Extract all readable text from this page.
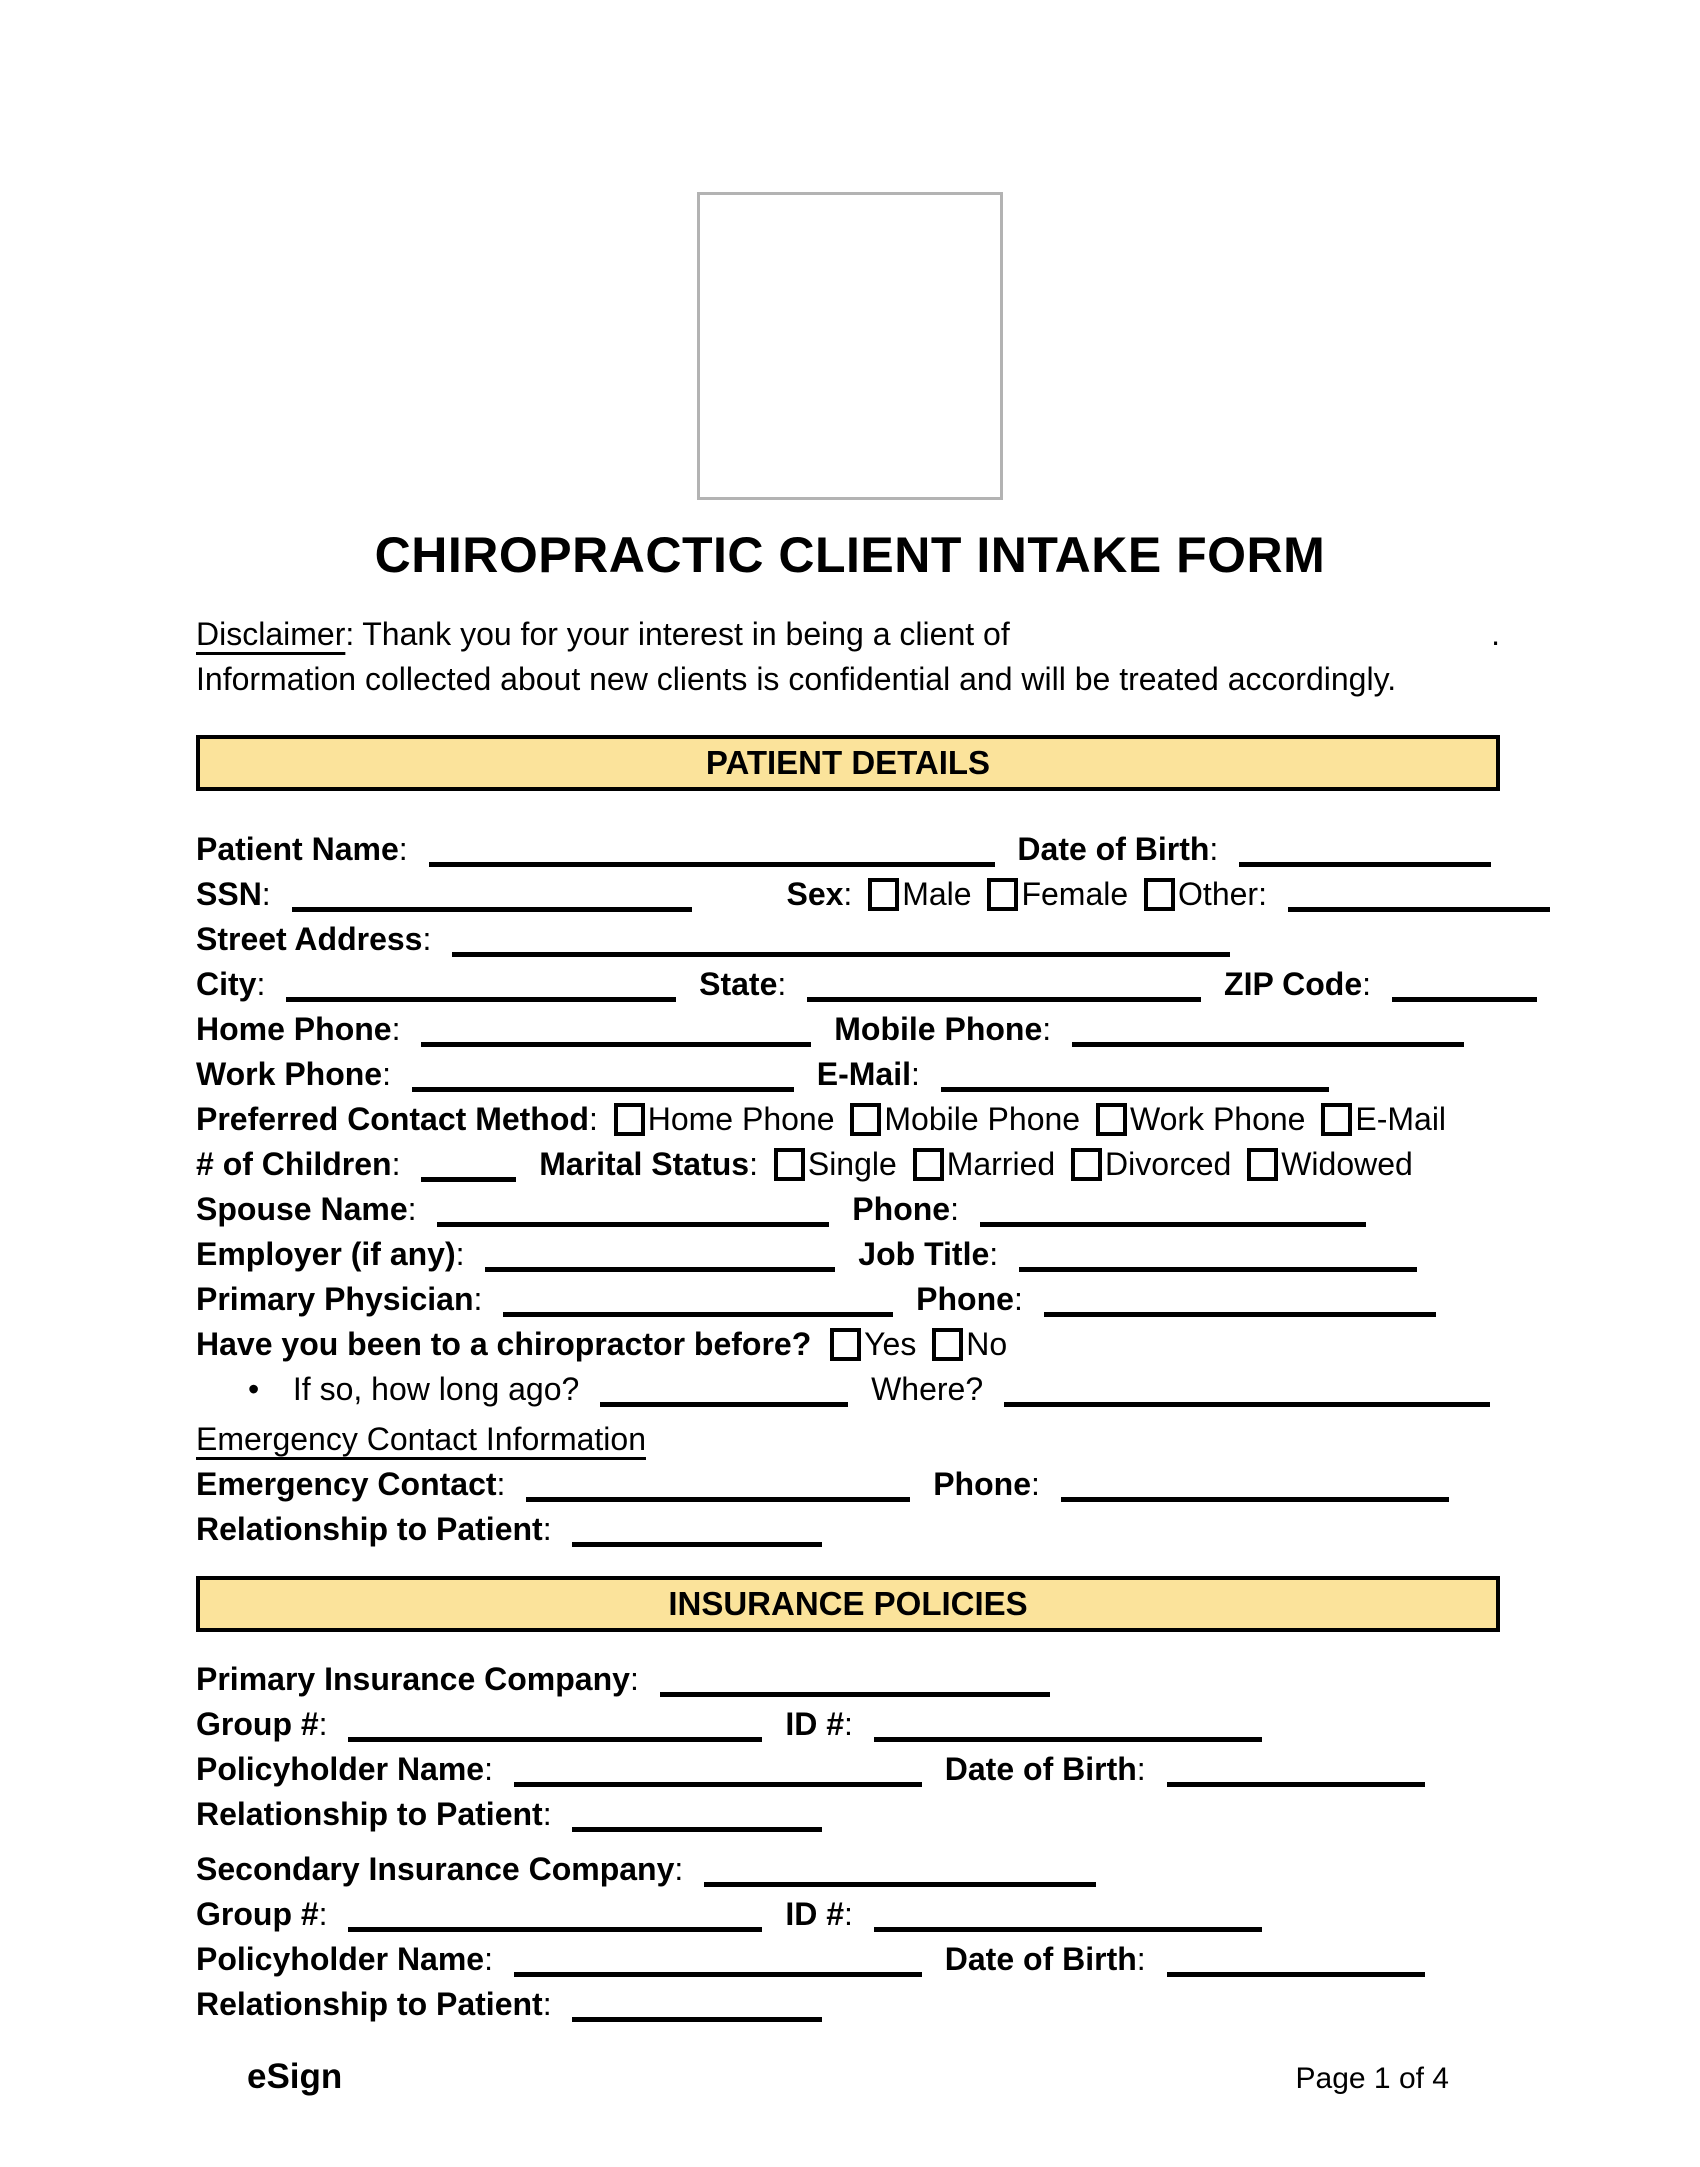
CHIROPRACTIC CLIENT INTAKE FORM
Disclaimer: Thank you for your interest in being a client of	.
Information collected about new clients is confidential and will be treated accordingly.
PATIENT DETAILS
Patient Name:	Date of Birth:
SSN:	Sex: Male Female Other:
Street Address:
City:	State:	ZIP Code:
Home Phone:	Mobile Phone:
Work Phone:	E-Mail:
Preferred Contact Method: Home Phone Mobile Phone Work Phone E-Mail
# of Children:	Marital Status: Single Married Divorced Widowed
Spouse Name:	Phone:
Employer (if any):	Job Title:
Primary Physician:	Phone:
Have you been to a chiropractor before? Yes No
• If so, how long ago?	Where?
Emergency Contact Information
Emergency Contact:	Phone:
Relationship to Patient:
INSURANCE POLICIES
Primary Insurance Company:
Group #:	ID #:
Policyholder Name:	Date of Birth:
Relationship to Patient:
Secondary Insurance Company:
Group #:	ID #:
Policyholder Name:	Date of Birth:
Relationship to Patient:
eSign	Page 1 of 4
